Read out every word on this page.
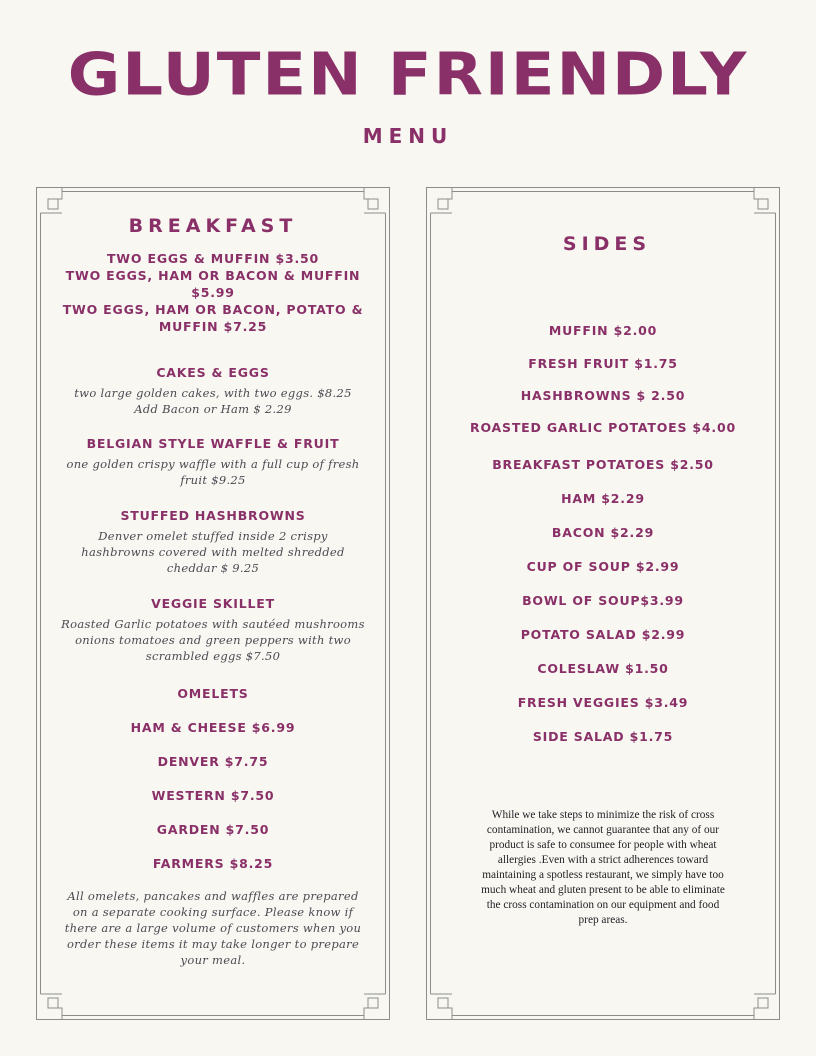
GLUTEN FRIENDLY
MENU
BREAKFAST
TWO EGGS & MUFFIN $3.50
TWO EGGS, HAM OR BACON & MUFFIN $5.99
TWO EGGS, HAM OR BACON, POTATO & MUFFIN $7.25
CAKES & EGGS
two large golden cakes, with two eggs. $8.25 Add Bacon or Ham $ 2.29
BELGIAN STYLE WAFFLE & FRUIT
one golden crispy waffle with a full cup of fresh fruit $9.25
STUFFED HASHBROWNS
Denver omelet stuffed inside 2 crispy hashbrowns covered with melted shredded cheddar $ 9.25
VEGGIE SKILLET
Roasted Garlic potatoes with sautéed mushrooms onions tomatoes and green peppers with two scrambled eggs $7.50
OMELETS
HAM & CHEESE $6.99
DENVER $7.75
WESTERN $7.50
GARDEN $7.50
FARMERS $8.25
All omelets, pancakes and waffles are prepared on a separate cooking surface. Please know if there are a large volume of customers when you order these items it may take longer to prepare your meal.
SIDES
MUFFIN $2.00
FRESH FRUIT $1.75
HASHBROWNS $ 2.50
ROASTED GARLIC POTATOES $4.00
BREAKFAST POTATOES $2.50
HAM $2.29
BACON $2.29
CUP OF SOUP $2.99
BOWL OF SOUP$3.99
POTATO SALAD $2.99
COLESLAW $1.50
FRESH VEGGIES $3.49
SIDE SALAD $1.75
While we take steps to minimize the risk of cross contamination, we cannot guarantee that any of our product is safe to consumee for people with wheat allergies .Even with a strict adherences toward maintaining a spotless restaurant, we simply have too much wheat and gluten present to be able to eliminate the cross contamination on our equipment and food prep areas.
